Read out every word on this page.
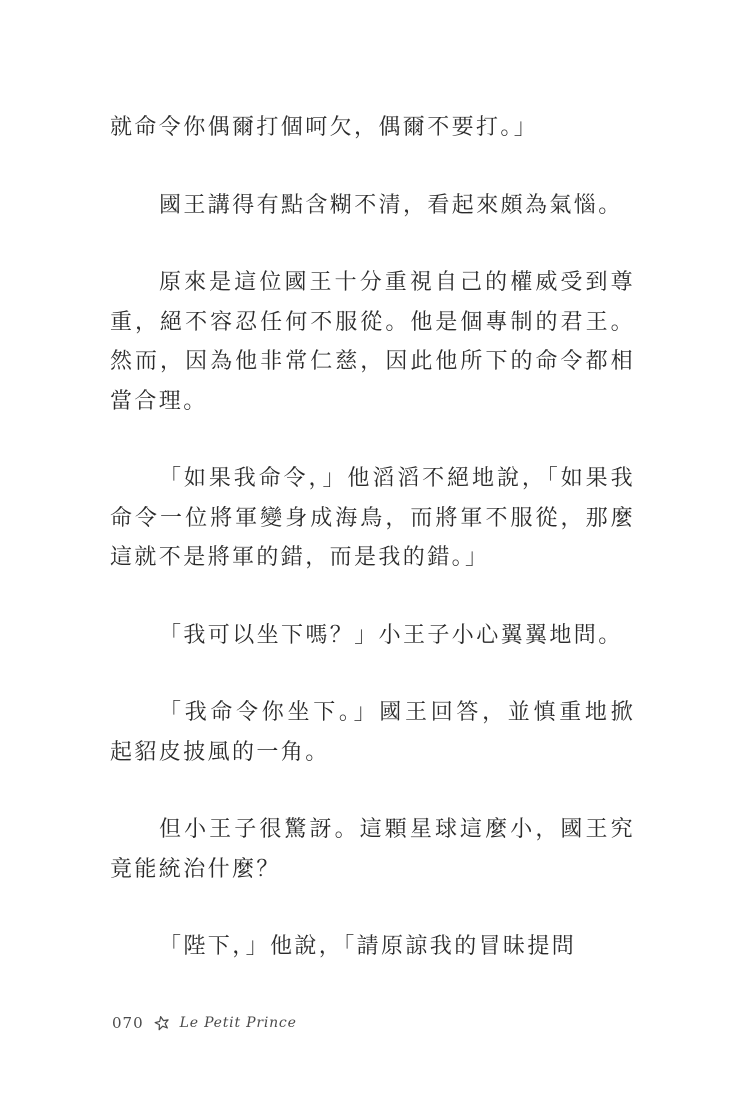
就命令你偶爾打個呵欠，偶爾不要打。」

國王講得有點含糊不清，看起來頗為氣惱。

原來是這位國王十分重視自己的權威受到尊重，絕不容忍任何不服從。他是個專制的君王。然而，因為他非常仁慈，因此他所下的命令都相當合理。

「如果我命令，」他滔滔不絕地說，「如果我命令一位將軍變身成海鳥，而將軍不服從，那麼這就不是將軍的錯，而是我的錯。」

「我可以坐下嗎？」小王子小心翼翼地問。

「我命令你坐下。」國王回答，並慎重地掀起貂皮披風的一角。

但小王子很驚訝。這顆星球這麼小，國王究竟能統治什麼？

「陛下，」他說，「請原諒我的冒昧提問

070	Le Petit Prince
